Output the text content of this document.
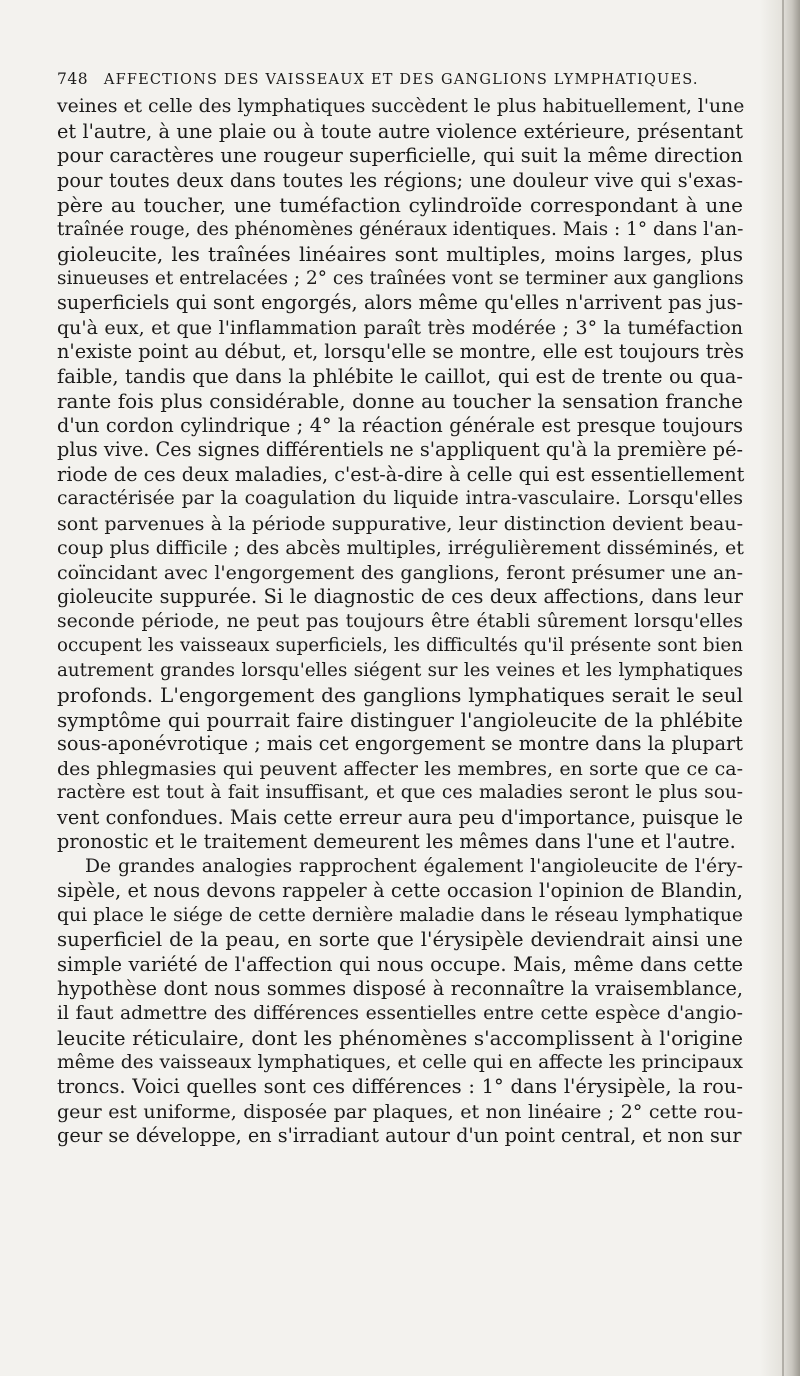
748 AFFECTIONS DES VAISSEAUX ET DES GANGLIONS LYMPHATIQUES.
veines et celle des lymphatiques succèdent le plus habituellement, l'une
et l'autre, à une plaie ou à toute autre violence extérieure, présentant
pour caractères une rougeur superficielle, qui suit la même direction
pour toutes deux dans toutes les régions; une douleur vive qui s'exas-
père au toucher, une tuméfaction cylindroïde correspondant à une
traînée rouge, des phénomènes généraux identiques. Mais : 1° dans l'an-
gioleucite, les traînées linéaires sont multiples, moins larges, plus
sinueuses et entrelacées ; 2° ces traînées vont se terminer aux ganglions
superficiels qui sont engorgés, alors même qu'elles n'arrivent pas jus-
qu'à eux, et que l'inflammation paraît très modérée ; 3° la tuméfaction
n'existe point au début, et, lorsqu'elle se montre, elle est toujours très
faible, tandis que dans la phlébite le caillot, qui est de trente ou qua-
rante fois plus considérable, donne au toucher la sensation franche
d'un cordon cylindrique ; 4° la réaction générale est presque toujours
plus vive. Ces signes différentiels ne s'appliquent qu'à la première pé-
riode de ces deux maladies, c'est-à-dire à celle qui est essentiellement
caractérisée par la coagulation du liquide intra-vasculaire. Lorsqu'elles
sont parvenues à la période suppurative, leur distinction devient beau-
coup plus difficile ; des abcès multiples, irrégulièrement disséminés, et
coïncidant avec l'engorgement des ganglions, feront présumer une an-
gioleucite suppurée. Si le diagnostic de ces deux affections, dans leur
seconde période, ne peut pas toujours être établi sûrement lorsqu'elles
occupent les vaisseaux superficiels, les difficultés qu'il présente sont bien
autrement grandes lorsqu'elles siégent sur les veines et les lymphatiques
profonds. L'engorgement des ganglions lymphatiques serait le seul
symptôme qui pourrait faire distinguer l'angioleucite de la phlébite
sous-aponévrotique ; mais cet engorgement se montre dans la plupart
des phlegmasies qui peuvent affecter les membres, en sorte que ce ca-
ractère est tout à fait insuffisant, et que ces maladies seront le plus sou-
vent confondues. Mais cette erreur aura peu d'importance, puisque le
pronostic et le traitement demeurent les mêmes dans l'une et l'autre.
De grandes analogies rapprochent également l'angioleucite de l'éry-
sipèle, et nous devons rappeler à cette occasion l'opinion de Blandin,
qui place le siége de cette dernière maladie dans le réseau lymphatique
superficiel de la peau, en sorte que l'érysipèle deviendrait ainsi une
simple variété de l'affection qui nous occupe. Mais, même dans cette
hypothèse dont nous sommes disposé à reconnaître la vraisemblance,
il faut admettre des différences essentielles entre cette espèce d'angio-
leucite réticulaire, dont les phénomènes s'accomplissent à l'origine
même des vaisseaux lymphatiques, et celle qui en affecte les principaux
troncs. Voici quelles sont ces différences : 1° dans l'érysipèle, la rou-
geur est uniforme, disposée par plaques, et non linéaire ; 2° cette rou-
geur se développe, en s'irradiant autour d'un point central, et non sur
